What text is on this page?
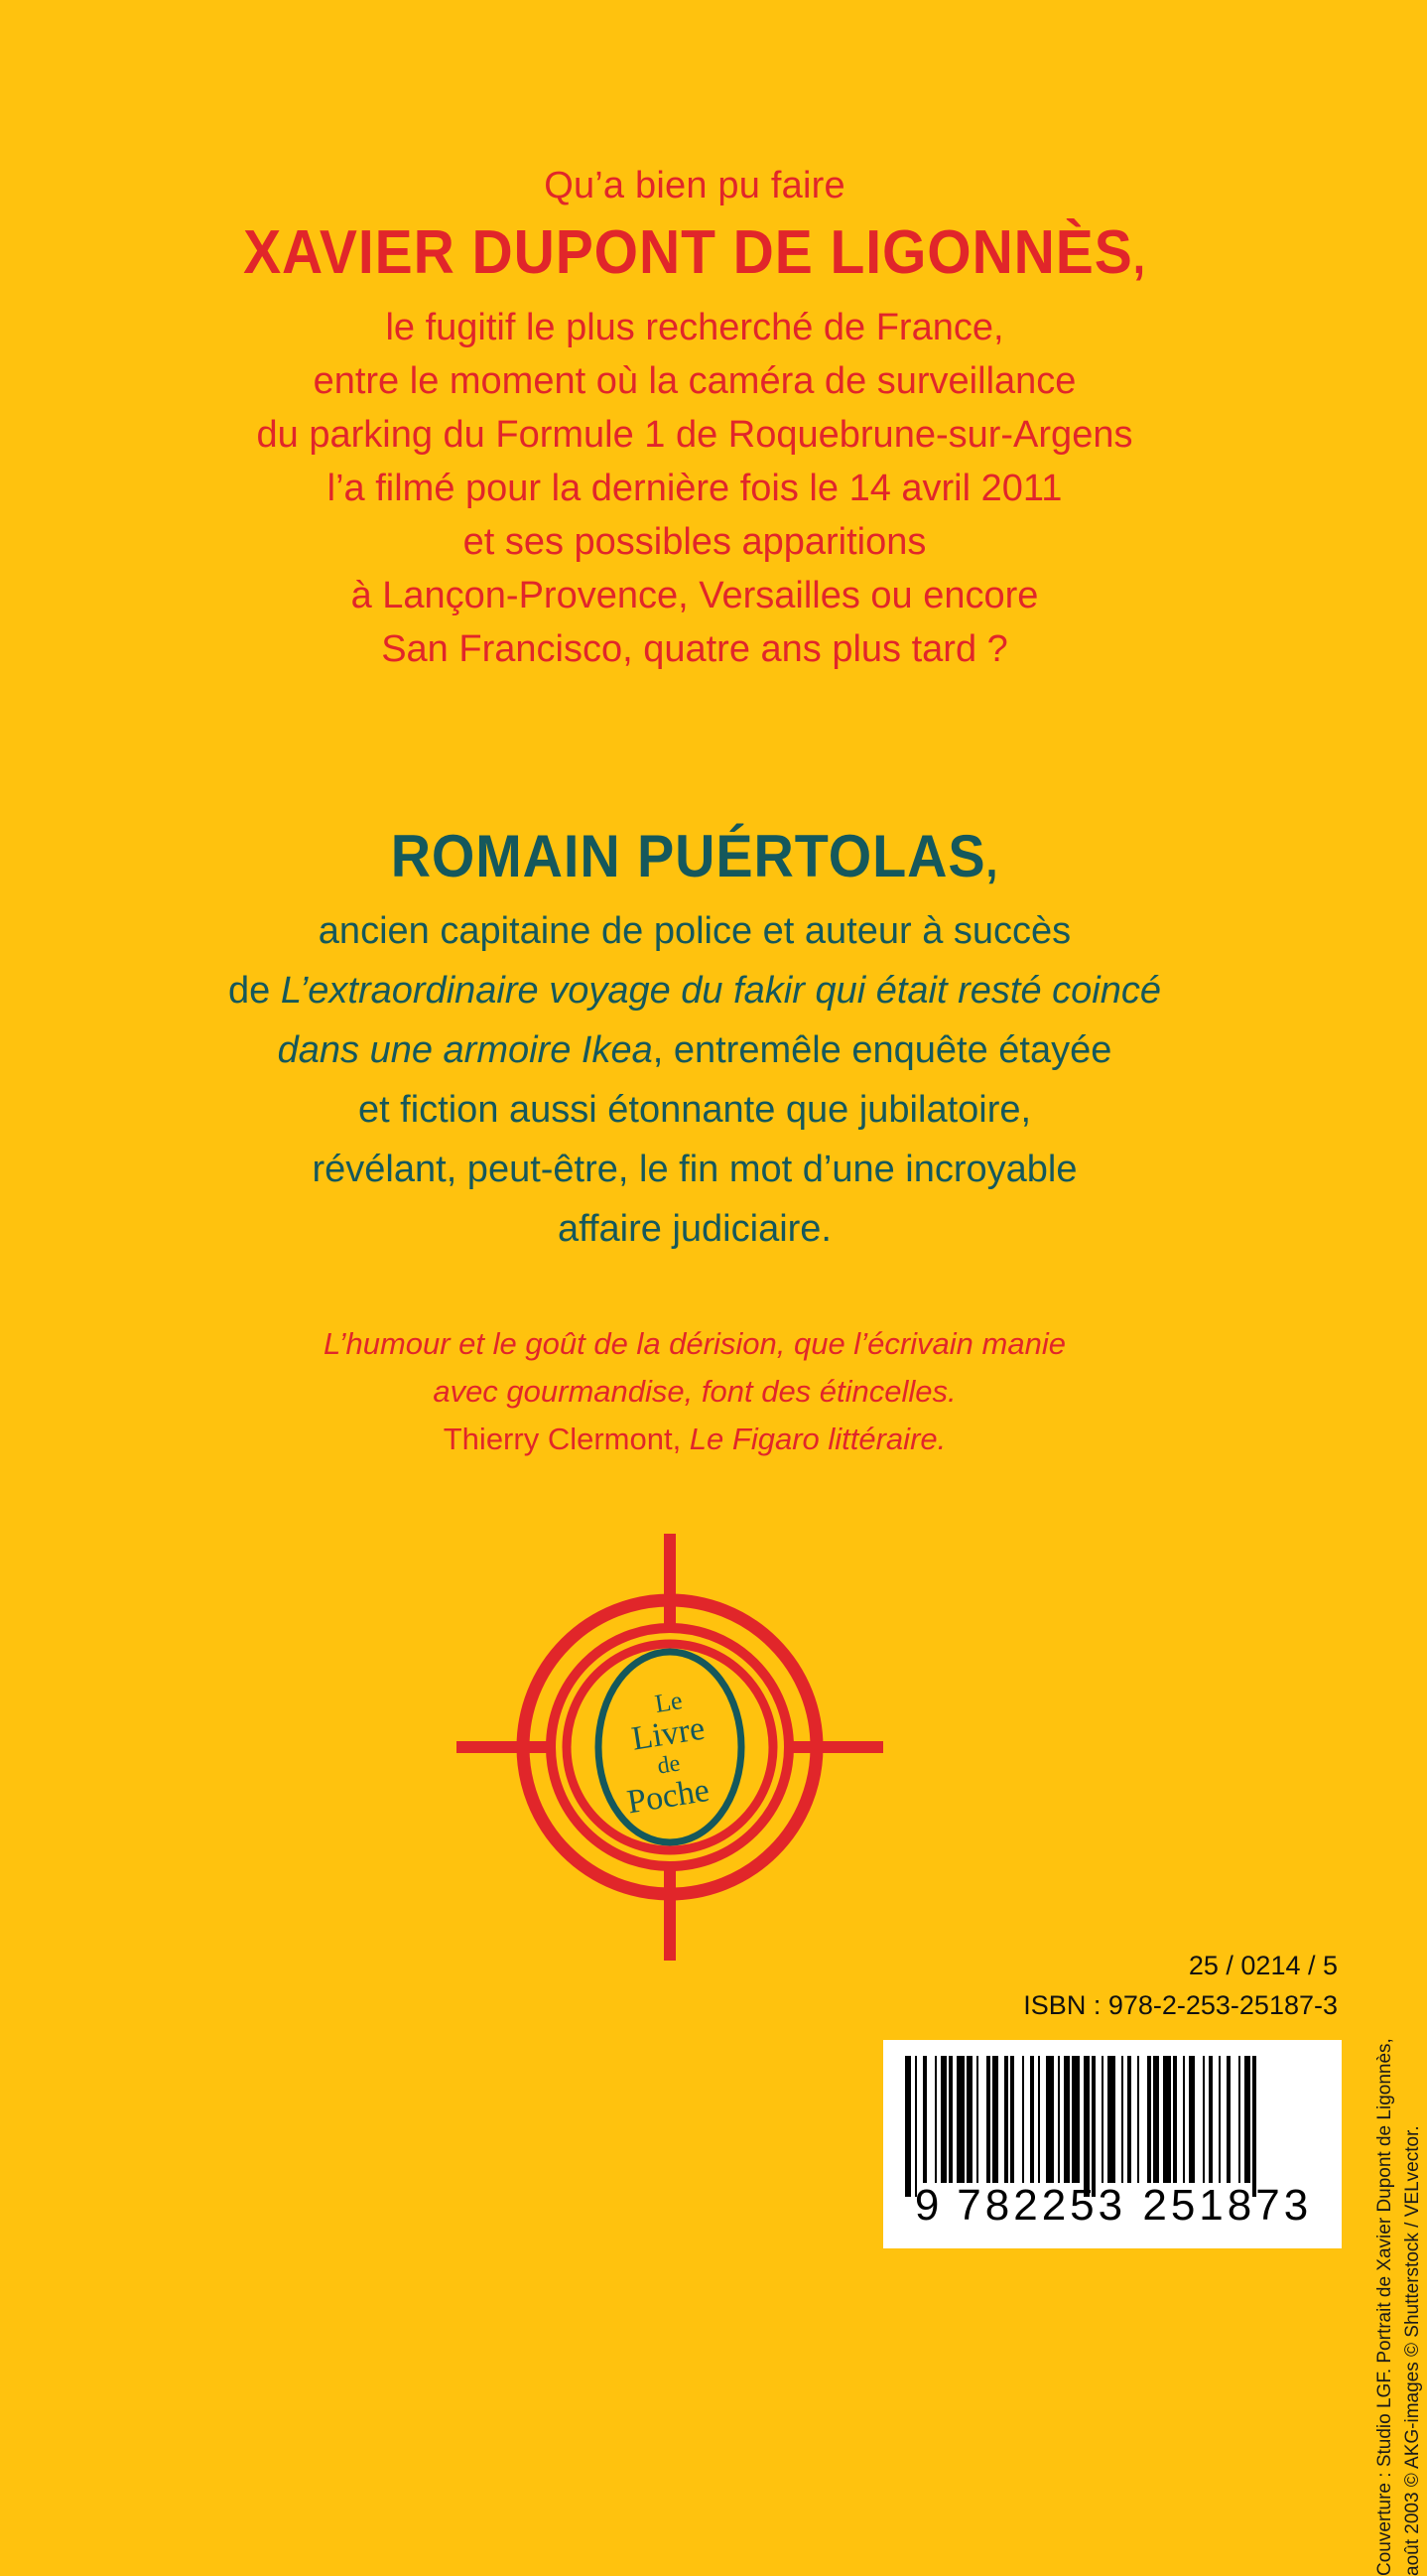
Qu’a bien pu faire
XAVIER DUPONT DE LIGONNÈS,
le fugitif le plus recherché de France,
entre le moment où la caméra de surveillance
du parking du Formule 1 de Roquebrune-sur-Argens
l’a filmé pour la dernière fois le 14 avril 2011
et ses possibles apparitions
à Lançon-Provence, Versailles ou encore
San Francisco, quatre ans plus tard ?
ROMAIN PUÉRTOLAS,
ancien capitaine de police et auteur à succès
de L’extraordinaire voyage du fakir qui était resté coincé
dans une armoire Ikea, entremêle enquête étayée
et fiction aussi étonnante que jubilatoire,
révélant, peut-être, le fin mot d’une incroyable
affaire judiciaire.
L’humour et le goût de la dérision, que l’écrivain manie
avec gourmandise, font des étincelles.
Thierry Clermont, Le Figaro littéraire.
Le
Livre
de
Poche
Couverture : Studio LGF. Portrait de Xavier Dupont de Ligonnès, août 2003 © AKG-images © Shutterstock / VELvector.
25 / 0214 / 5
ISBN : 978-2-253-25187-3
9 782253 251873
